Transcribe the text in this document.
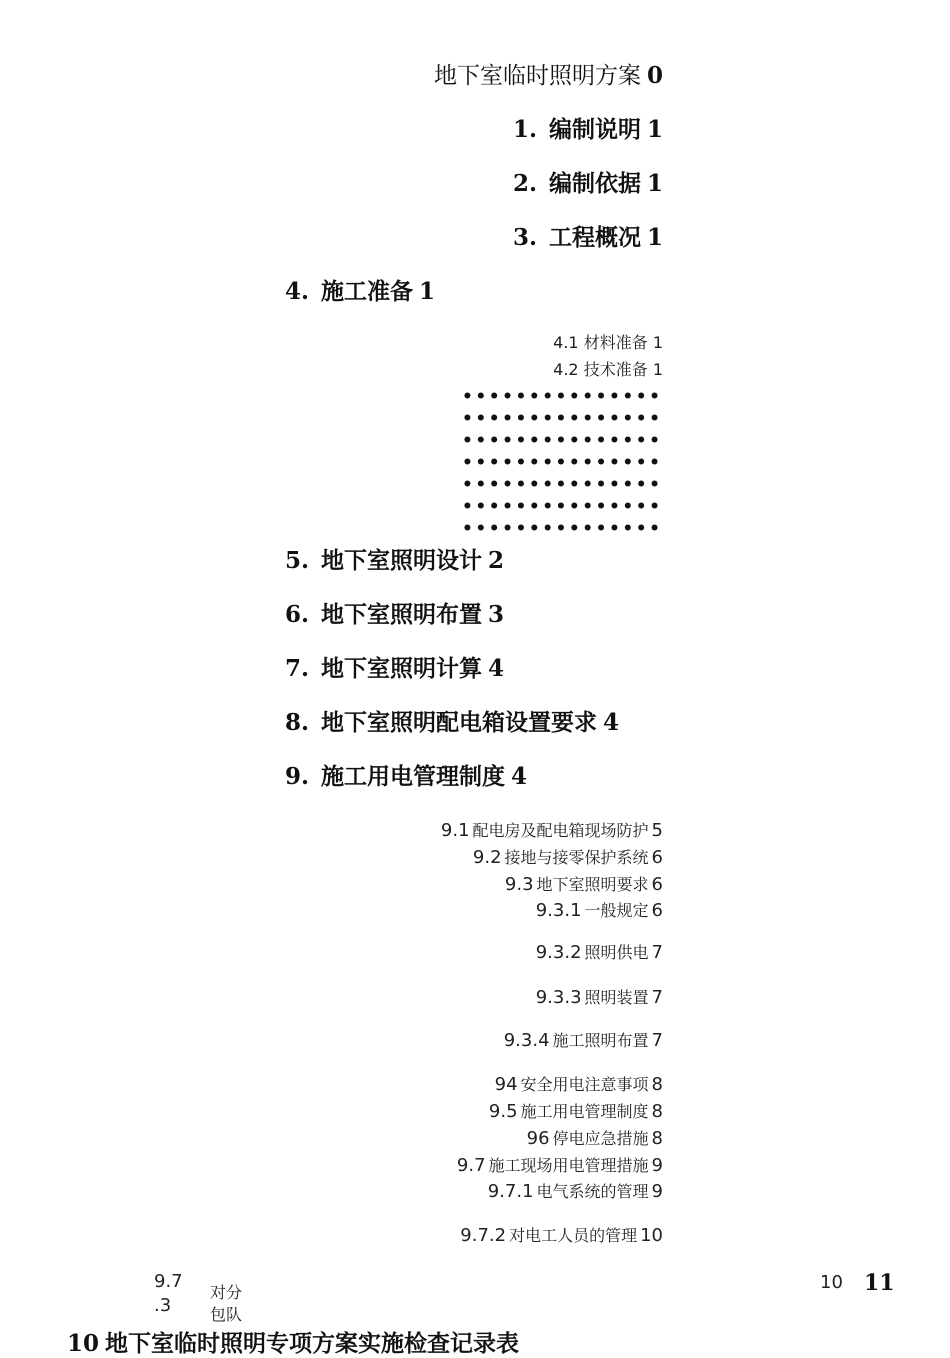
地下室临时照明方案 0
1. 编制说明 1
2. 编制依据 1
3. 工程概况 1
4. 施工准备 1
4.1 材料准备 1
4.2 技术准备 1
•••••••••••••••••••••••••••••••••••••••••••••••••••••••••••••••••••••••••••••••••••••••••••••••••••••••••
5. 地下室照明设计 2
6. 地下室照明布置 3
7. 地下室照明计算 4
8. 地下室照明配电箱设置要求 4
9. 施工用电管理制度 4
9.1 配电房及配电箱现场防护 5
9.2 接地与接零保护系统 6
9.3 地下室照明要求 6
9.3.1 一般规定 6
9.3.2 照明供电 7
9.3.3 照明装置 7
9.3.4 施工照明布置 7
94 安全用电注意事项 8
9.5 施工用电管理制度 8
96 停电应急措施 8
9.7 施工现场用电管理措施 9
9.7.1 电气系统的管理 9
9.7.2 对电工人员的管理 10
9.7
.3
对分
包队
10 11
10 地下室临时照明专项方案实施检查记录表
